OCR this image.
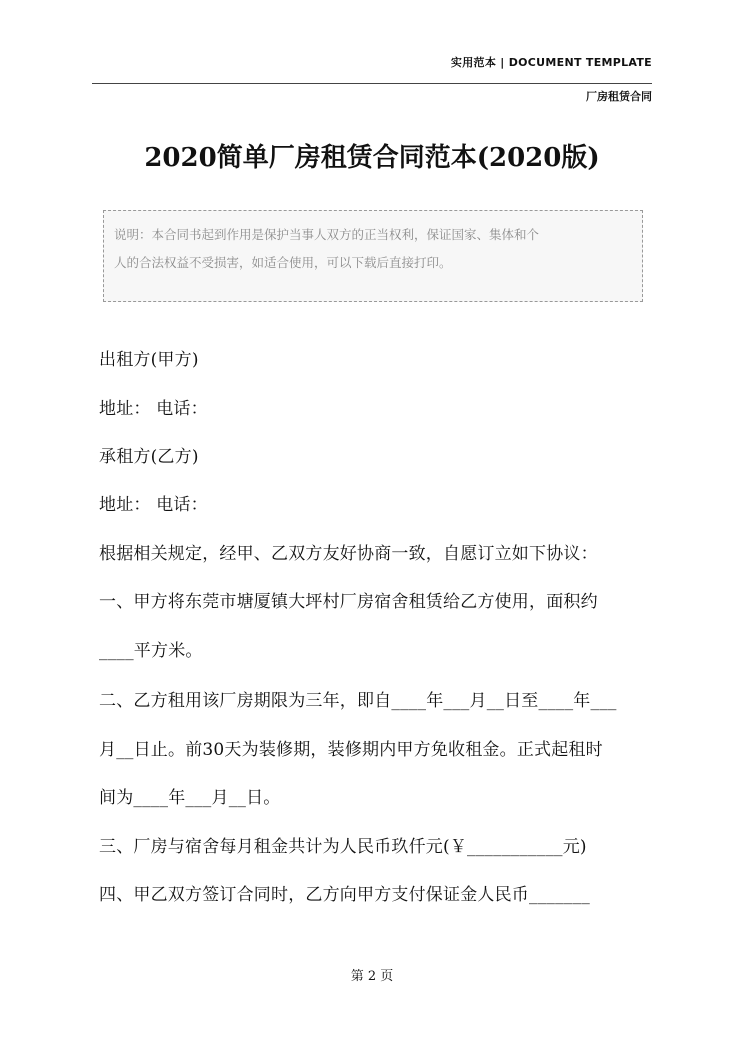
实用范本 | DOCUMENT TEMPLATE
厂房租赁合同
2020简单厂房租赁合同范本(2020版)
说明：本合同书起到作用是保护当事人双方的正当权利，保证国家、集体和个
人的合法权益不受损害，如适合使用，可以下载后直接打印。
出租方(甲方)
地址： 电话：
承租方(乙方)
地址： 电话：
根据相关规定，经甲、乙双方友好协商一致，自愿订立如下协议：
一、甲方将东莞市塘厦镇大坪村厂房宿舍租赁给乙方使用，面积约
____平方米。
二、乙方租用该厂房期限为三年，即自____年___月__日至____年___
月__日止。前30天为装修期，装修期内甲方免收租金。正式起租时
间为____年___月__日。
三、厂房与宿舍每月租金共计为人民币玖仟元(￥___________元)
四、甲乙双方签订合同时，乙方向甲方支付保证金人民币_______
第 2 页
